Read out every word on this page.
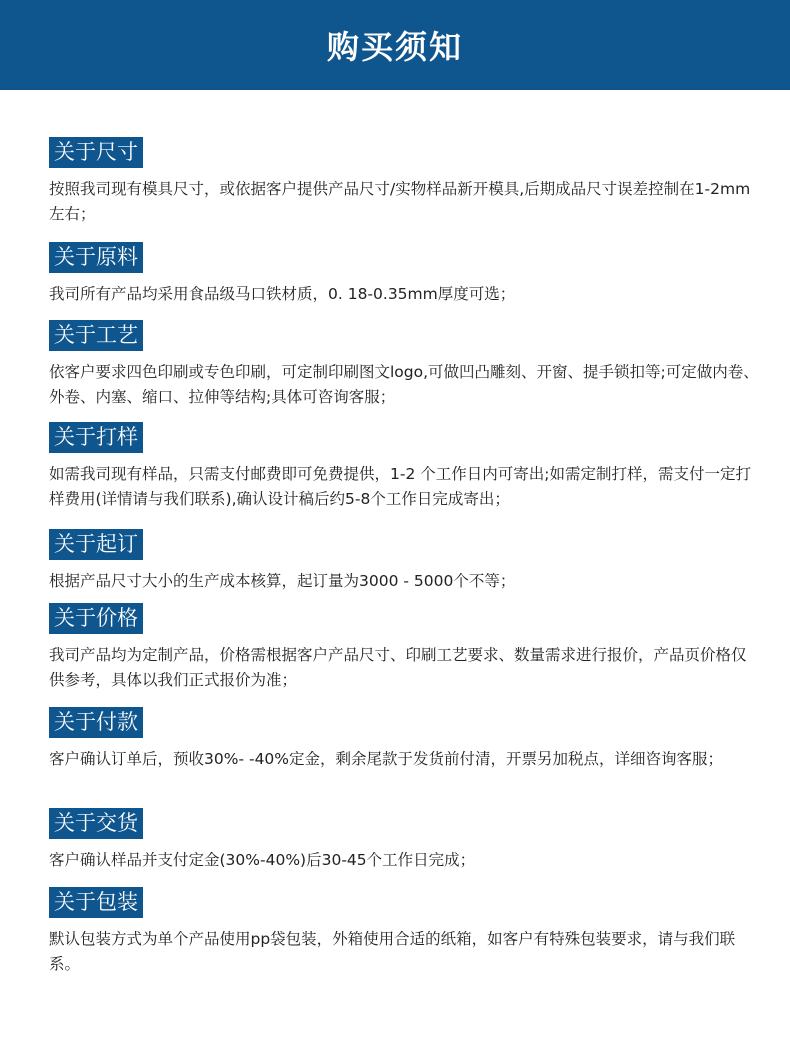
购买须知
关于尺寸
按照我司现有模具尺寸，或依据客户提供产品尺寸/实物样品新开模具,后期成品尺寸误差控制在1-2mm左右；
关于原料
我司所有产品均采用食品级马口铁材质，0. 18-0.35mm厚度可选；
关于工艺
依客户要求四色印刷或专色印刷，可定制印刷图文logo,可做凹凸雕刻、开窗、提手锁扣等;可定做内卷、外卷、内塞、缩口、拉伸等结构;具体可咨询客服；
关于打样
如需我司现有样品，只需支付邮费即可免费提供，1-2 个工作日内可寄出;如需定制打样，需支付一定打样费用(详情请与我们联系),确认设计稿后约5-8个工作日完成寄出；
关于起订
根据产品尺寸大小的生产成本核算，起订量为3000 - 5000个不等；
关于价格
我司产品均为定制产品，价格需根据客户产品尺寸、印刷工艺要求、数量需求进行报价，产品页价格仅供参考，具体以我们正式报价为准；
关于付款
客户确认订单后，预收30%- -40%定金，剩余尾款于发货前付清，开票另加税点，详细咨询客服；
关于交货
客户确认样品并支付定金(30%-40%)后30-45个工作日完成；
关于包装
默认包装方式为单个产品使用pp袋包装，外箱使用合适的纸箱，如客户有特殊包装要求，请与我们联系。
